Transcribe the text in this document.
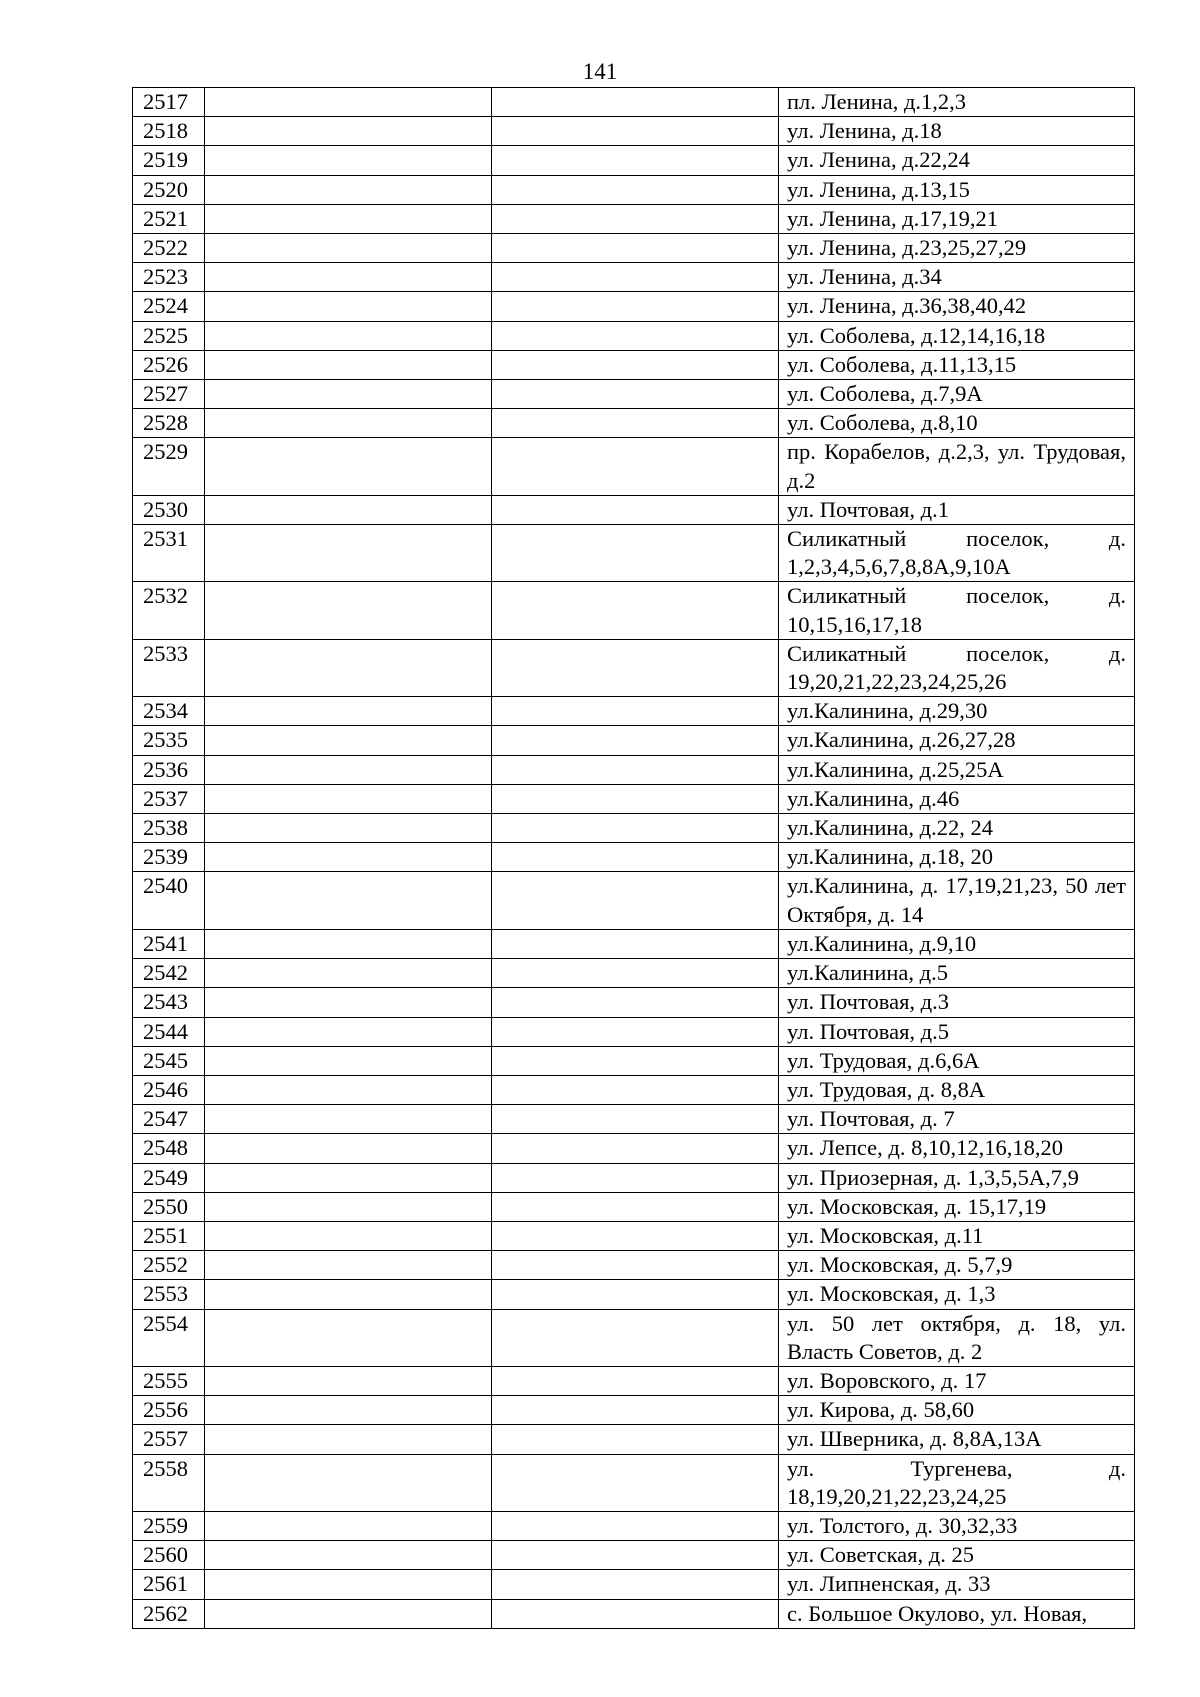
141
2517			пл. Ленина, д.1,2,3
2518			ул. Ленина, д.18
2519			ул. Ленина, д.22,24
2520			ул. Ленина, д.13,15
2521			ул. Ленина, д.17,19,21
2522			ул. Ленина, д.23,25,27,29
2523			ул. Ленина, д.34
2524			ул. Ленина, д.36,38,40,42
2525			ул. Соболева, д.12,14,16,18
2526			ул. Соболева, д.11,13,15
2527			ул. Соболева, д.7,9А
2528			ул. Соболева, д.8,10
2529			пр. Корабелов, д.2,3, ул. Трудовая, д.2
2530			ул. Почтовая, д.1
2531			Силикатный поселок, д. 1,2,3,4,5,6,7,8,8А,9,10А
2532			Силикатный поселок, д. 10,15,16,17,18
2533			Силикатный поселок, д. 19,20,21,22,23,24,25,26
2534			ул.Калинина, д.29,30
2535			ул.Калинина, д.26,27,28
2536			ул.Калинина, д.25,25А
2537			ул.Калинина, д.46
2538			ул.Калинина, д.22, 24
2539			ул.Калинина, д.18, 20
2540			ул.Калинина, д. 17,19,21,23, 50 лет Октября, д. 14
2541			ул.Калинина, д.9,10
2542			ул.Калинина, д.5
2543			ул. Почтовая, д.3
2544			ул. Почтовая, д.5
2545			ул. Трудовая, д.6,6А
2546			ул. Трудовая, д. 8,8А
2547			ул. Почтовая, д. 7
2548			ул. Лепсе, д. 8,10,12,16,18,20
2549			ул. Приозерная, д. 1,3,5,5А,7,9
2550			ул. Московская, д. 15,17,19
2551			ул. Московская, д.11
2552			ул. Московская, д. 5,7,9
2553			ул. Московская, д. 1,3
2554			ул. 50 лет октября, д. 18, ул. Власть Советов, д. 2
2555			ул. Воровского, д. 17
2556			ул. Кирова, д. 58,60
2557			ул. Шверника, д. 8,8А,13А
2558			ул. Тургенева, д. 18,19,20,21,22,23,24,25
2559			ул. Толстого, д. 30,32,33
2560			ул. Советская, д. 25
2561			ул. Липненская, д. 33
2562			с. Большое Окулово, ул. Новая,
